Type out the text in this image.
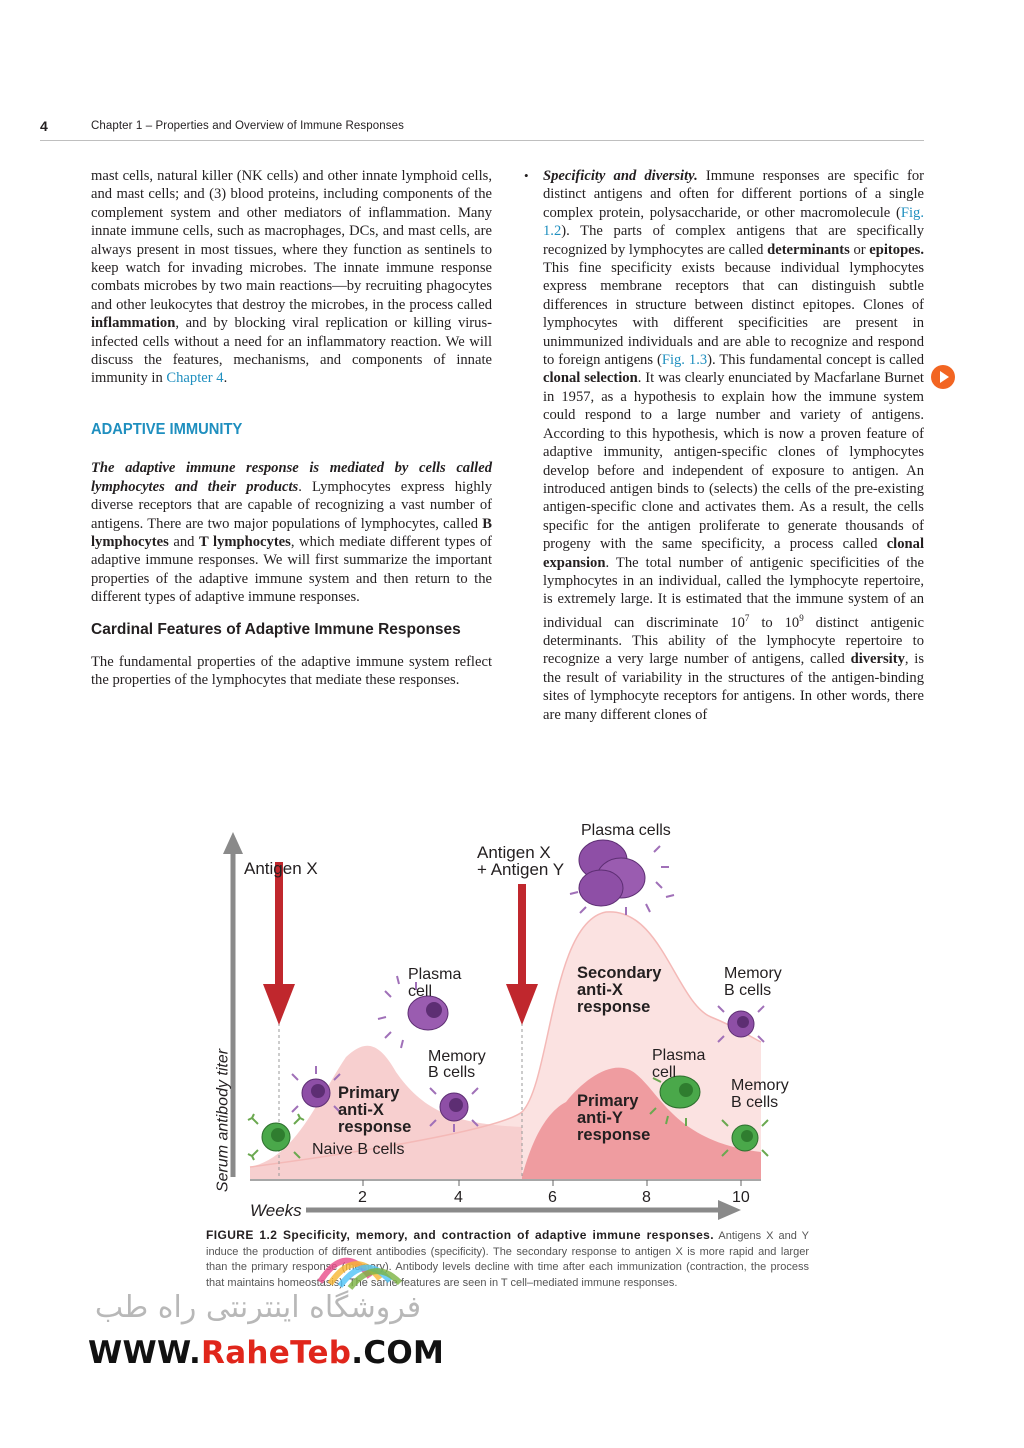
4	Chapter 1 – Properties and Overview of Immune Responses

mast cells, natural killer (NK cells) and other innate lymphoid cells, and mast cells; and (3) blood proteins, including components of the complement system and other mediators of inflammation. Many innate immune cells, such as macrophages, DCs, and mast cells, are always present in most tissues, where they function as sentinels to keep watch for invading microbes. The innate immune response combats microbes by two main reactions—by recruiting phagocytes and other leukocytes that destroy the microbes, in the process called inflammation, and by blocking viral replication or killing virus-infected cells without a need for an inflammatory reaction. We will discuss the features, mechanisms, and components of innate immunity in Chapter 4.

ADAPTIVE IMMUNITY

The adaptive immune response is mediated by cells called lymphocytes and their products. Lymphocytes express highly diverse receptors that are capable of recognizing a vast number of antigens. There are two major populations of lymphocytes, called B lymphocytes and T lymphocytes, which mediate different types of adaptive immune responses. We will first summarize the important properties of the adaptive immune system and then return to the different types of adaptive immune responses.

Cardinal Features of Adaptive Immune Responses

The fundamental properties of the adaptive immune system reflect the properties of the lymphocytes that mediate these responses.

• Specificity and diversity. Immune responses are specific for distinct antigens and often for different portions of a single complex protein, polysaccharide, or other macromolecule (Fig. 1.2). The parts of complex antigens that are specifically recognized by lymphocytes are called determinants or epitopes. This fine specificity exists because individual lymphocytes express membrane receptors that can distinguish subtle differences in structure between distinct epitopes. Clones of lymphocytes with different specificities are present in unimmunized individuals and are able to recognize and respond to foreign antigens (Fig. 1.3). This fundamental concept is called clonal selection. It was clearly enunciated by Macfarlane Burnet in 1957, as a hypothesis to explain how the immune system could respond to a large number and variety of antigens. According to this hypothesis, which is now a proven feature of adaptive immunity, antigen-specific clones of lymphocytes develop before and independent of exposure to antigen. An introduced antigen binds to (selects) the cells of the pre-existing antigen-specific clone and activates them. As a result, the cells specific for the antigen proliferate to generate thousands of progeny with the same specificity, a process called clonal expansion. The total number of antigenic specificities of the lymphocytes in an individual, called the lymphocyte repertoire, is extremely large. It is estimated that the immune system of an individual can discriminate $10^7$ to $10^9$ distinct antigenic determinants. This ability of the lymphocyte repertoire to recognize a very large number of antigens, called diversity, is the result of variability in the structures of the antigen-binding sites of lymphocyte receptors for antigens. In other words, there are many different clones of

Serum antibody titer
Weeks
2	4	6	8	10
Antigen X
Antigen X
+ Antigen Y
Plasma cells
Plasma
cell
Memory
B cells
Memory
B cells
Plasma
cell
Memory
B cells
Primary
anti-X
response
Secondary
anti-X
response
Primary
anti-Y
response
Naive B cells
FIGURE 1.2 Specificity, memory, and contraction of adaptive immune responses. Antigens X and Y induce the production of different antibodies (specificity). The secondary response to antigen X is more rapid and larger than the primary response (memory). Antibody levels decline with time after each immunization (contraction, the process that maintains homeostasis). The same features are seen in T cell–mediated immune responses.
فروشگاه اینترنتی راه طب
WWW.RaheTeb.COM
